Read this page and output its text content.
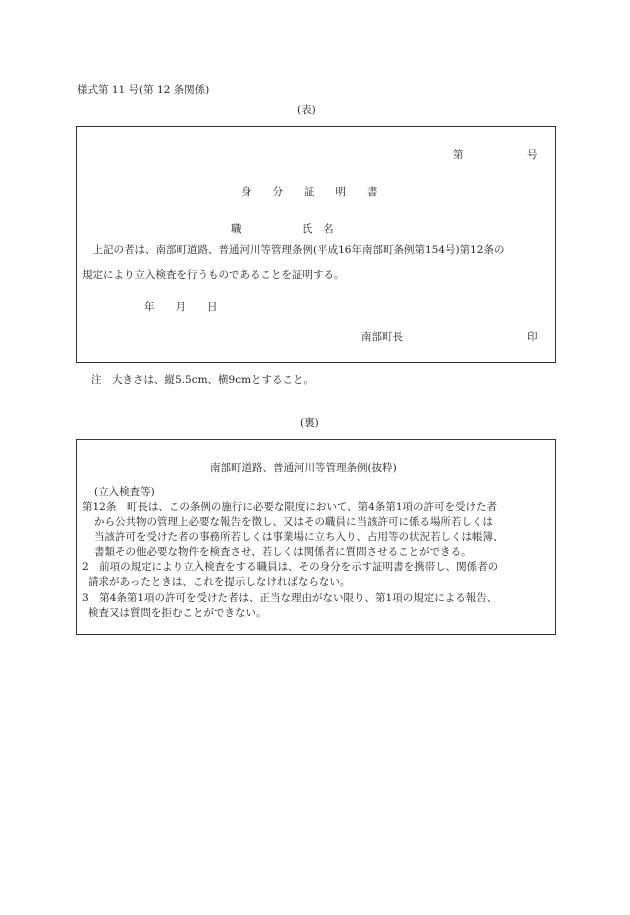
様式第 11 号(第 12 条関係)
(表)
第	号
身　　分　　証　　明　　書
職	氏　名
　上記の者は、南部町道路、普通河川等管理条例(平成16年南部町条例第154号)第12条の
規定により立入検査を行うものであることを証明する。
年　　月　　日
南部町長	印
注　大きさは、縦5.5cm、横9cmとすること。
(裏)
南部町道路、普通河川等管理条例(抜粋)
(立入検査等)
第12条　町長は、この条例の施行に必要な限度において、第4条第1項の許可を受けた者
から公共物の管理上必要な報告を徴し、又はその職員に当該許可に係る場所若しくは
当該許可を受けた者の事務所若しくは事業場に立ち入り、占用等の状況若しくは帳簿、
書類その他必要な物件を検査させ、若しくは関係者に質問させることができる。
2　前項の規定により立入検査をする職員は、その身分を示す証明書を携帯し、関係者の
請求があったときは、これを提示しなければならない。
3　第4条第1項の許可を受けた者は、正当な理由がない限り、第1項の規定による報告、
検査又は質問を拒むことができない。
